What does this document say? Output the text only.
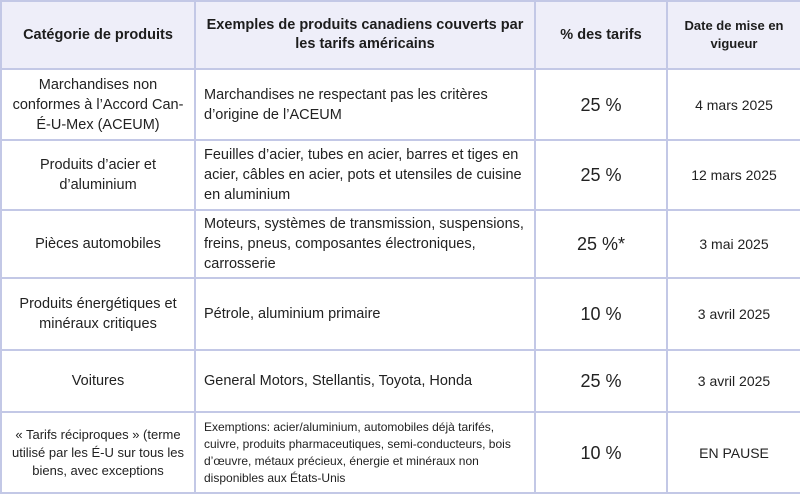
Catégorie de produits	Exemples de produits canadiens couverts par les tarifs américains	% des tarifs	Date de mise en vigueur
Marchandises non conformes à l’Accord Can-É-U-Mex (ACEUM)	Marchandises ne respectant pas les critères d’origine de l’ACEUM	25 %	4 mars 2025
Produits d’acier et d’aluminium	Feuilles d’acier, tubes en acier, barres et tiges en acier, câbles en acier, pots et utensiles de cuisine en aluminium	25 %	12 mars 2025
Pièces automobiles	Moteurs, systèmes de transmission, suspensions, freins, pneus, composantes électroniques, carrosserie	25 %*	3 mai 2025
Produits énergétiques et minéraux critiques	Pétrole, aluminium primaire	10 %	3 avril 2025
Voitures	General Motors, Stellantis, Toyota, Honda	25 %	3 avril 2025
« Tarifs réciproques » (terme utilisé par les É-U sur tous les biens, avec exceptions	Exemptions: acier/aluminium, automobiles déjà tarifés, cuivre, produits pharmaceutiques, semi-conducteurs, bois d’œuvre, métaux précieux, énergie et minéraux non disponibles aux États-Unis	10 %	EN PAUSE
